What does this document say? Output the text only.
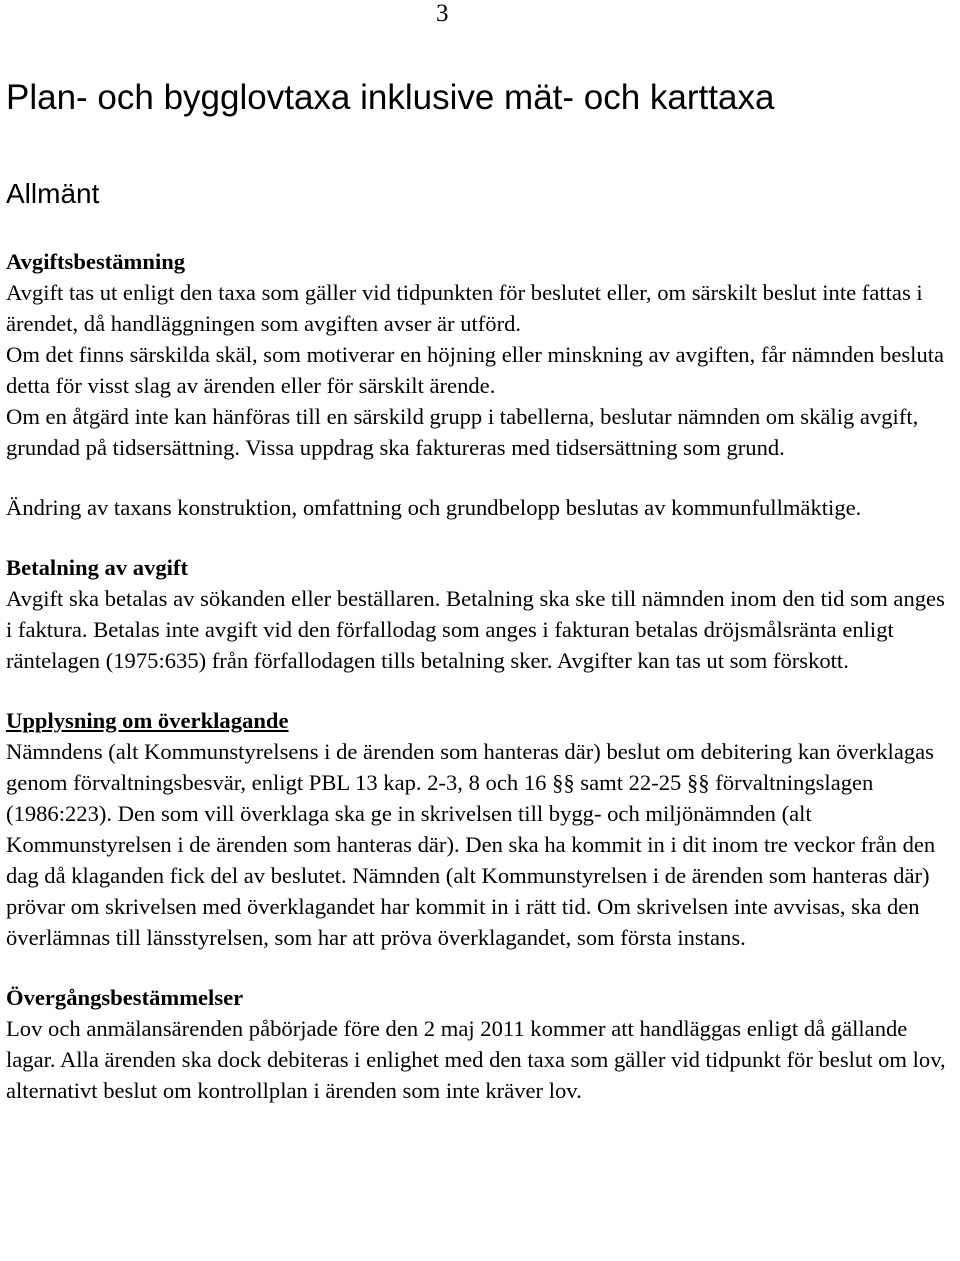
3
Plan- och bygglovtaxa inklusive mät- och karttaxa
Allmänt

Avgiftsbestämning

Avgift tas ut enligt den taxa som gäller vid tidpunkten för beslutet eller, om särskilt beslut inte fattas i ärendet, då handläggningen som avgiften avser är utförd.

Om det finns särskilda skäl, som motiverar en höjning eller minskning av avgiften, får nämnden besluta detta för visst slag av ärenden eller för särskilt ärende.

Om en åtgärd inte kan hänföras till en särskild grupp i tabellerna, beslutar nämnden om skälig avgift, grundad på tidsersättning. Vissa uppdrag ska faktureras med tidsersättning som grund.

Ändring av taxans konstruktion, omfattning och grundbelopp beslutas av kommunfullmäktige.

Betalning av avgift

Avgift ska betalas av sökanden eller beställaren. Betalning ska ske till nämnden inom den tid som anges i faktura. Betalas inte avgift vid den förfallodag som anges i fakturan betalas dröjsmålsränta enligt räntelagen (1975:635) från förfallodagen tills betalning sker. Avgifter kan tas ut som förskott.

Upplysning om överklagande

Nämndens (alt Kommunstyrelsens i de ärenden som hanteras där) beslut om debitering kan överklagas genom förvaltningsbesvär, enligt PBL 13 kap. 2-3, 8 och 16 §§ samt 22-25 §§ förvaltningslagen (1986:223). Den som vill överklaga ska ge in skrivelsen till bygg- och miljönämnden (alt Kommunstyrelsen i de ärenden som hanteras där). Den ska ha kommit in i dit inom tre veckor från den dag då klaganden fick del av beslutet. Nämnden (alt Kommunstyrelsen i de ärenden som hanteras där) prövar om skrivelsen med överklagandet har kommit in i rätt tid. Om skrivelsen inte avvisas, ska den överlämnas till länsstyrelsen, som har att pröva överklagandet, som första instans.

Övergångsbestämmelser

Lov och anmälansärenden påbörjade före den 2 maj 2011 kommer att handläggas enligt då gällande lagar. Alla ärenden ska dock debiteras i enlighet med den taxa som gäller vid tidpunkt för beslut om lov, alternativt beslut om kontrollplan i ärenden som inte kräver lov.
